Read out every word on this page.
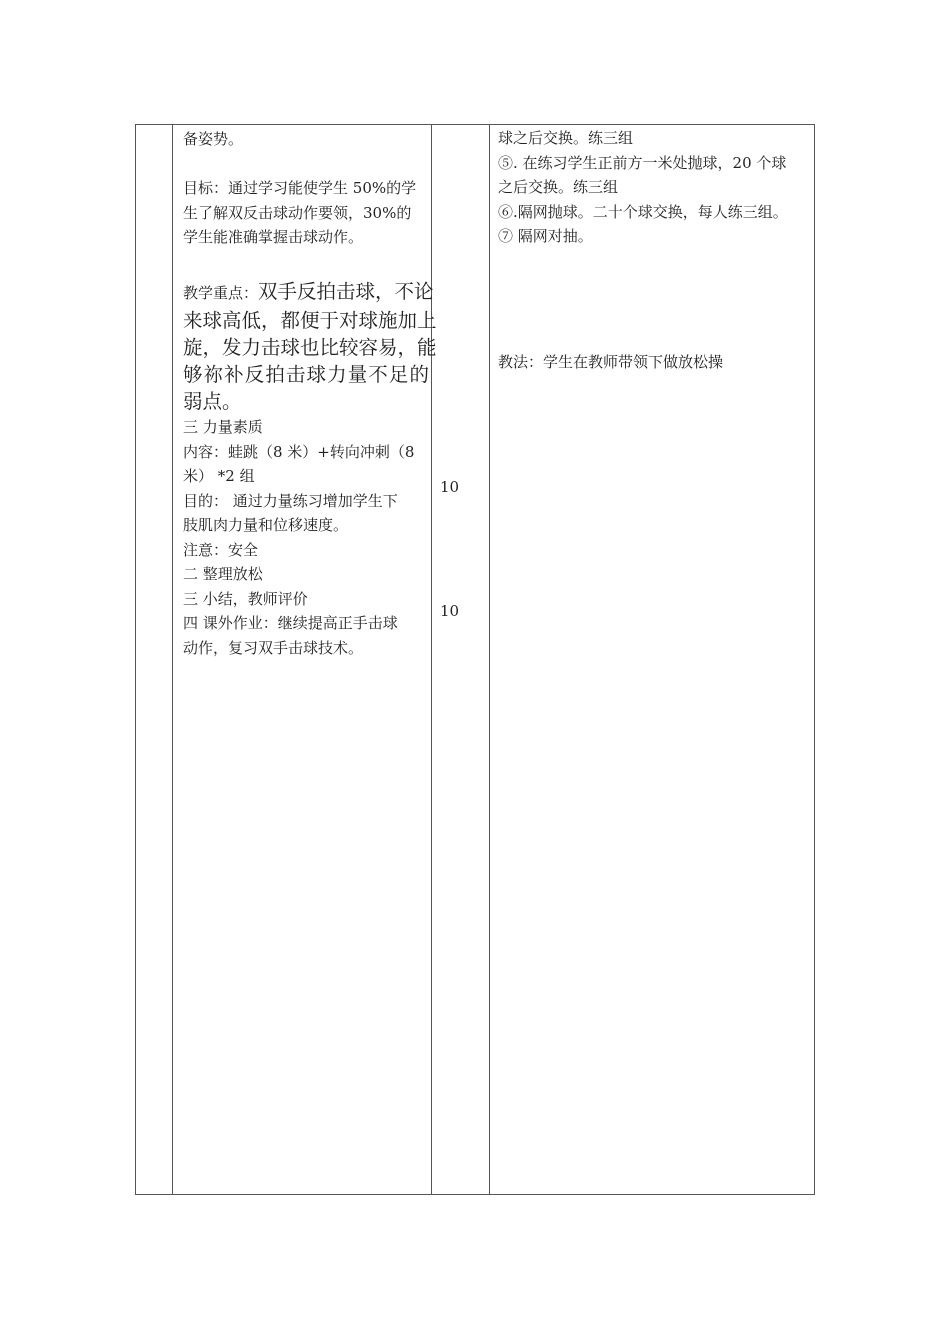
备姿势。
目标：通过学习能使学生 50%的学
生了解双反击球动作要领，30%的
学生能准确掌握击球动作。
教学重点：双手反拍击球，不论
来球高低，都便于对球施加上
旋，发力击球也比较容易，能
够祢补反拍击球力量不足的
弱点。
三 力量素质
内容：蛙跳（8 米）+转向冲刺（8
米） *2 组
目的： 通过力量练习增加学生下
肢肌肉力量和位移速度。
注意：安全
二 整理放松
三 小结，教师评价
四 课外作业：继续提高正手击球
动作，复习双手击球技术。
10
10
球之后交换。练三组
⑤. 在练习学生正前方一米处抛球，20 个球
之后交换。练三组
⑥.隔网抛球。二十个球交换，每人练三组。
⑦ 隔网对抽。
教法：学生在教师带领下做放松操
